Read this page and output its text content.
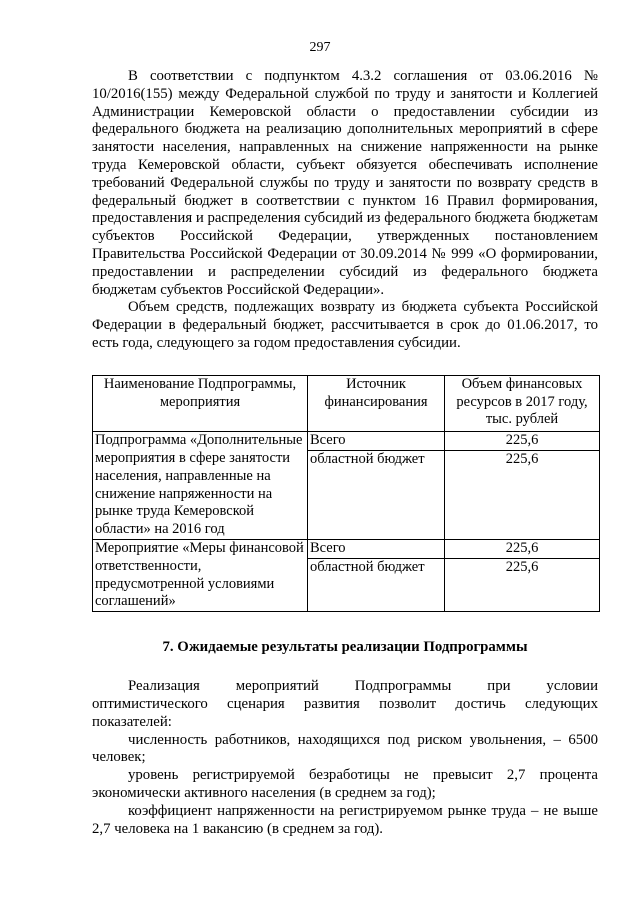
297

В соответствии с подпунктом 4.3.2 соглашения от 03.06.2016 № 10/2016(155) между Федеральной службой по труду и занятости и Коллегией Администрации Кемеровской области о предоставлении субсидии из федерального бюджета на реализацию дополнительных мероприятий в сфере занятости населения, направленных на снижение напряженности на рынке труда Кемеровской области, субъект обязуется обеспечивать исполнение требований Федеральной службы по труду и занятости по возврату средств в федеральный бюджет в соответствии с пунктом 16 Правил формирования, предоставления и распределения субсидий из федерального бюджета бюджетам субъектов Российской Федерации, утвержденных постановлением Правительства Российской Федерации от 30.09.2014 № 999 «О формировании, предоставлении и распределении субсидий из федерального бюджета бюджетам субъектов Российской Федерации».

Объем средств, подлежащих возврату из бюджета субъекта Российской Федерации в федеральный бюджет, рассчитывается в срок до 01.06.2017, то есть года, следующего за годом предоставления субсидии.

Наименование Подпрограммы, мероприятия	Источник финансирования	Объем финансовых ресурсов в 2017 году, тыс. рублей
Подпрограмма «Дополнительные мероприятия в сфере занятости населения, направленные на снижение напряженности на рынке труда Кемеровской области» на 2016 год	Всего	225,6
	областной бюджет	225,6
Мероприятие «Меры финансовой ответственности, предусмотренной условиями соглашений»	Всего	225,6
	областной бюджет	225,6
7. Ожидаемые результаты реализации Подпрограммы

Реализация мероприятий Подпрограммы при условии

оптимистического сценария развития позволит достичь следующих

показателей:

численность работников, находящихся под риском увольнения, – 6500 человек;

уровень регистрируемой безработицы не превысит 2,7 процента экономически активного населения (в среднем за год);

коэффициент напряженности на регистрируемом рынке труда – не выше 2,7 человека на 1 вакансию (в среднем за год).
